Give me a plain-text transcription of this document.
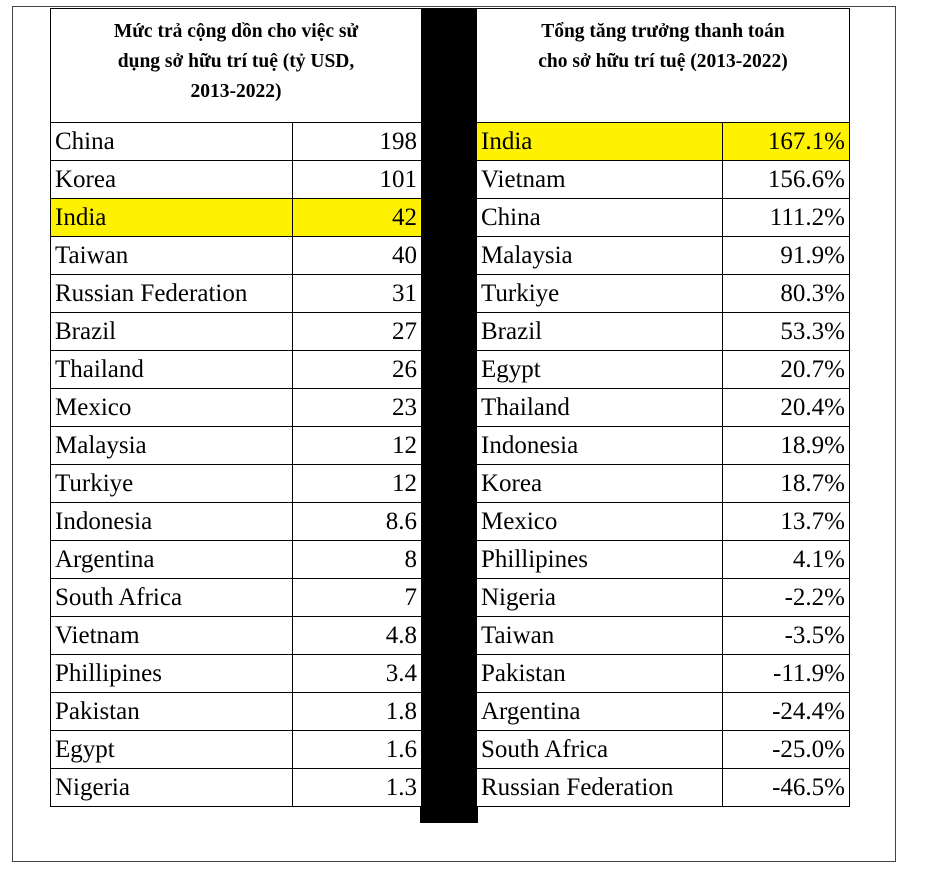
Mức trả cộng dồn cho việc sử
dụng sở hữu trí tuệ (tỷ USD,
2013-2022)
China	198
Korea	101
India	42
Taiwan	40
Russian Federation	31
Brazil	27
Thailand	26
Mexico	23
Malaysia	12
Turkiye	12
Indonesia	8.6
Argentina	8
South Africa	7
Vietnam	4.8
Phillipines	3.4
Pakistan	1.8
Egypt	1.6
Nigeria	1.3
Tổng tăng trưởng thanh toán
cho sở hữu trí tuệ (2013-2022)
India	167.1%
Vietnam	156.6%
China	111.2%
Malaysia	91.9%
Turkiye	80.3%
Brazil	53.3%
Egypt	20.7%
Thailand	20.4%
Indonesia	18.9%
Korea	18.7%
Mexico	13.7%
Phillipines	4.1%
Nigeria	-2.2%
Taiwan	-3.5%
Pakistan	-11.9%
Argentina	-24.4%
South Africa	-25.0%
Russian Federation	-46.5%
